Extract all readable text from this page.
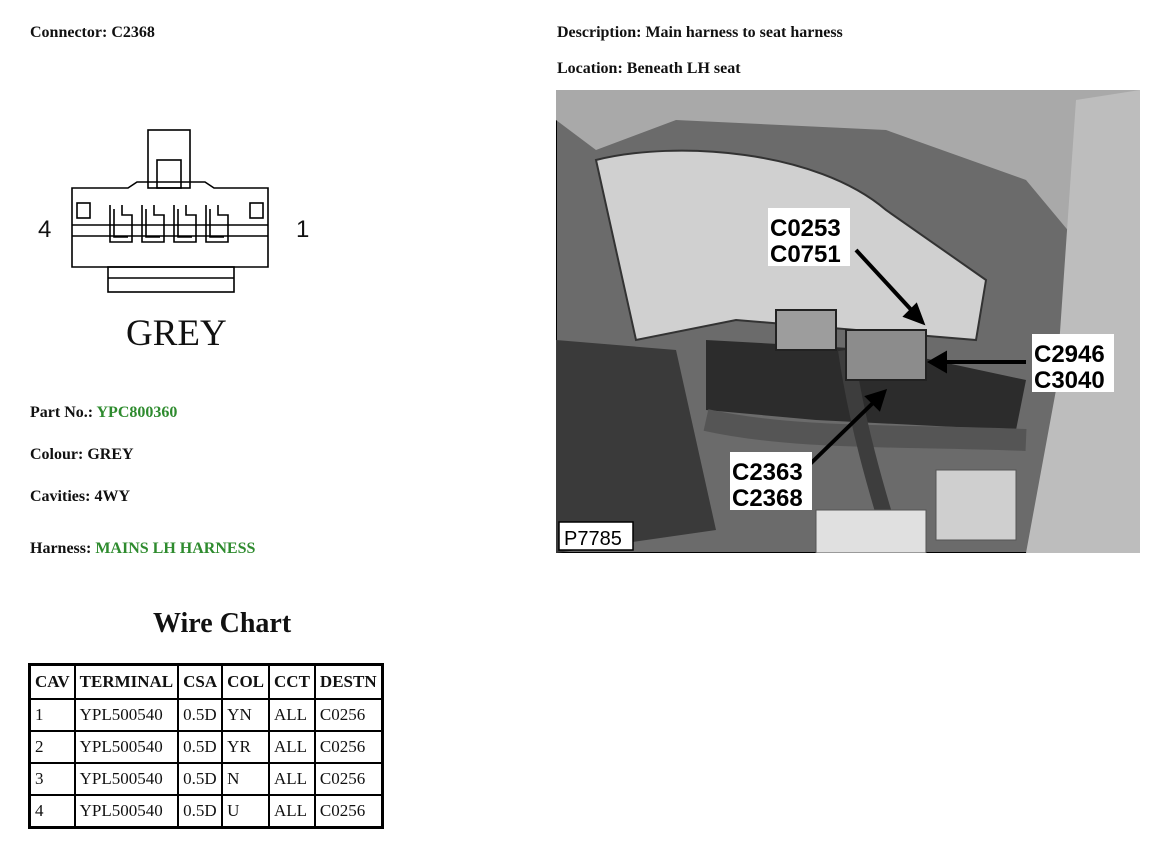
Connector: C2368	Description: Main harness to seat harness
Location: Beneath LH seat
4	1
GREY
C0253
C0751
C2946
C3040
C2363
C2368
P7785
Part No.: YPC800360
Colour: GREY
Cavities: 4WY
Harness: MAINS LH HARNESS
Wire Chart
CAV	TERMINAL	CSA	COL	CCT	DESTN
1	YPL500540	0.5D	YN	ALL	C0256
2	YPL500540	0.5D	YR	ALL	C0256
3	YPL500540	0.5D	N	ALL	C0256
4	YPL500540	0.5D	U	ALL	C0256
